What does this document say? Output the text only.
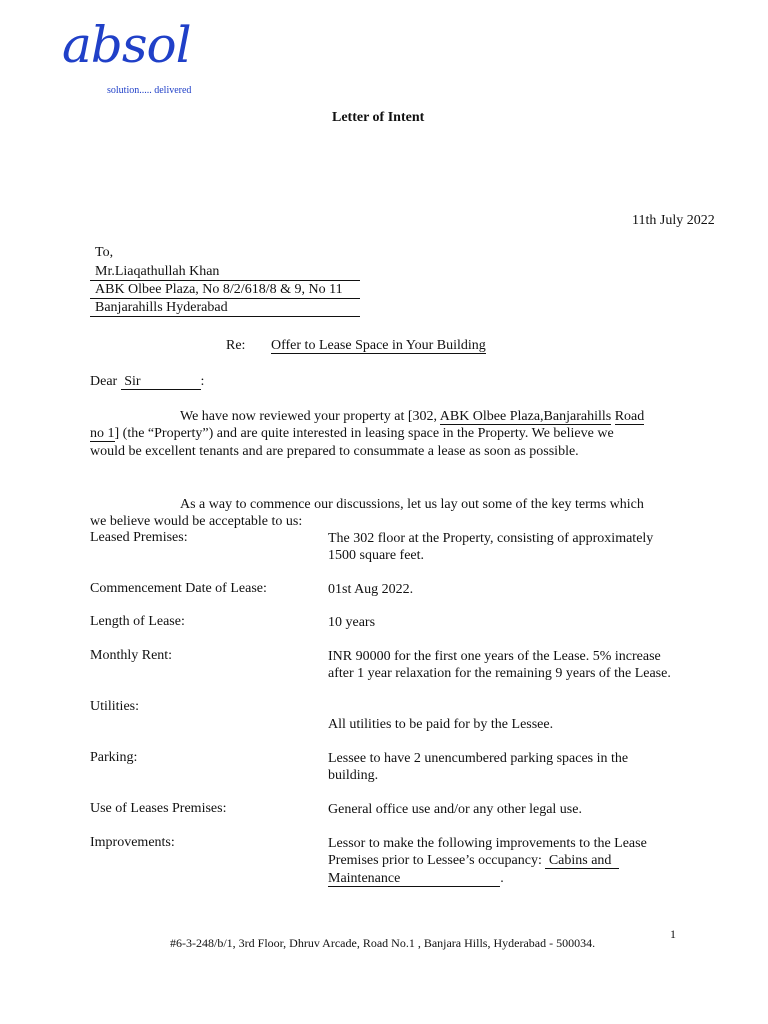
absol
solution..... delivered
Letter of Intent
11th July 2022
To,
Mr.Liaqathullah Khan
ABK Olbee Plaza, No 8/2/618/8 & 9, No 11
Banjarahills Hyderabad
Re: Offer to Lease Space in Your Building
Dear Sir	:
We have now reviewed your property at [302, ABK Olbee Plaza,Banjarahills Road no 1] (the “Property”) and are quite interested in leasing space in the Property. We believe we would be excellent tenants and are prepared to consummate a lease as soon as possible.
As a way to commence our discussions, let us lay out some of the key terms which we believe would be acceptable to us:
Leased Premises:	The 302 floor at the Property, consisting of approximately 1500 square feet.
Commencement Date of Lease:	01st Aug 2022.
Length of Lease:	10 years
Monthly Rent:	INR 90000 for the first one years of the Lease. 5% increase after 1 year relaxation for the remaining 9 years of the Lease.
Utilities:
All utilities to be paid for by the Lessee.
Parking:	Lessee to have 2 unencumbered parking spaces in the building.
Use of Leases Premises:	General office use and/or any other legal use.
Improvements:	Lessor to make the following improvements to the Lease Premises prior to Lessee’s occupancy: Cabins and Maintenance	.
1
#6-3-248/b/1, 3rd Floor, Dhruv Arcade, Road No.1 , Banjara Hills, Hyderabad - 500034.
